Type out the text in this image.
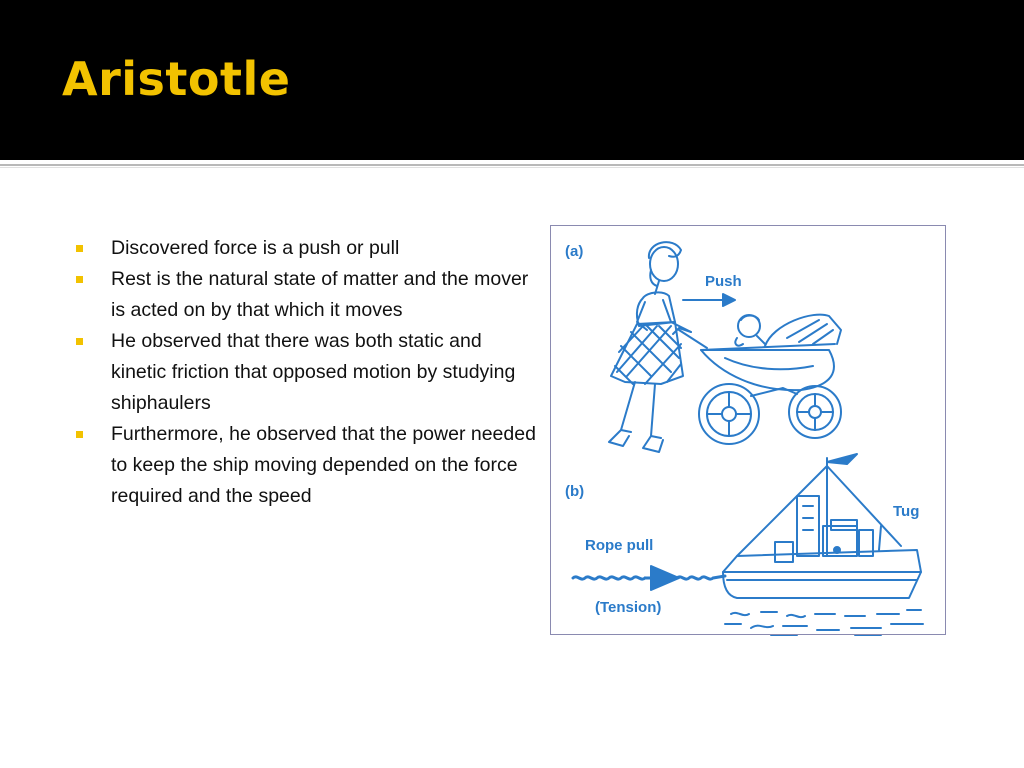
Aristotle
Discovered force is a push or pull
Rest is the natural state of matter and the mover is acted on by that which it moves
He observed that there was both static and kinetic friction that opposed motion by studying shiphaulers
Furthermore, he observed that the power needed to keep the ship moving depended on the force required and the speed
(a)
Push
(b)
Tug
Rope pull
(Tension)
